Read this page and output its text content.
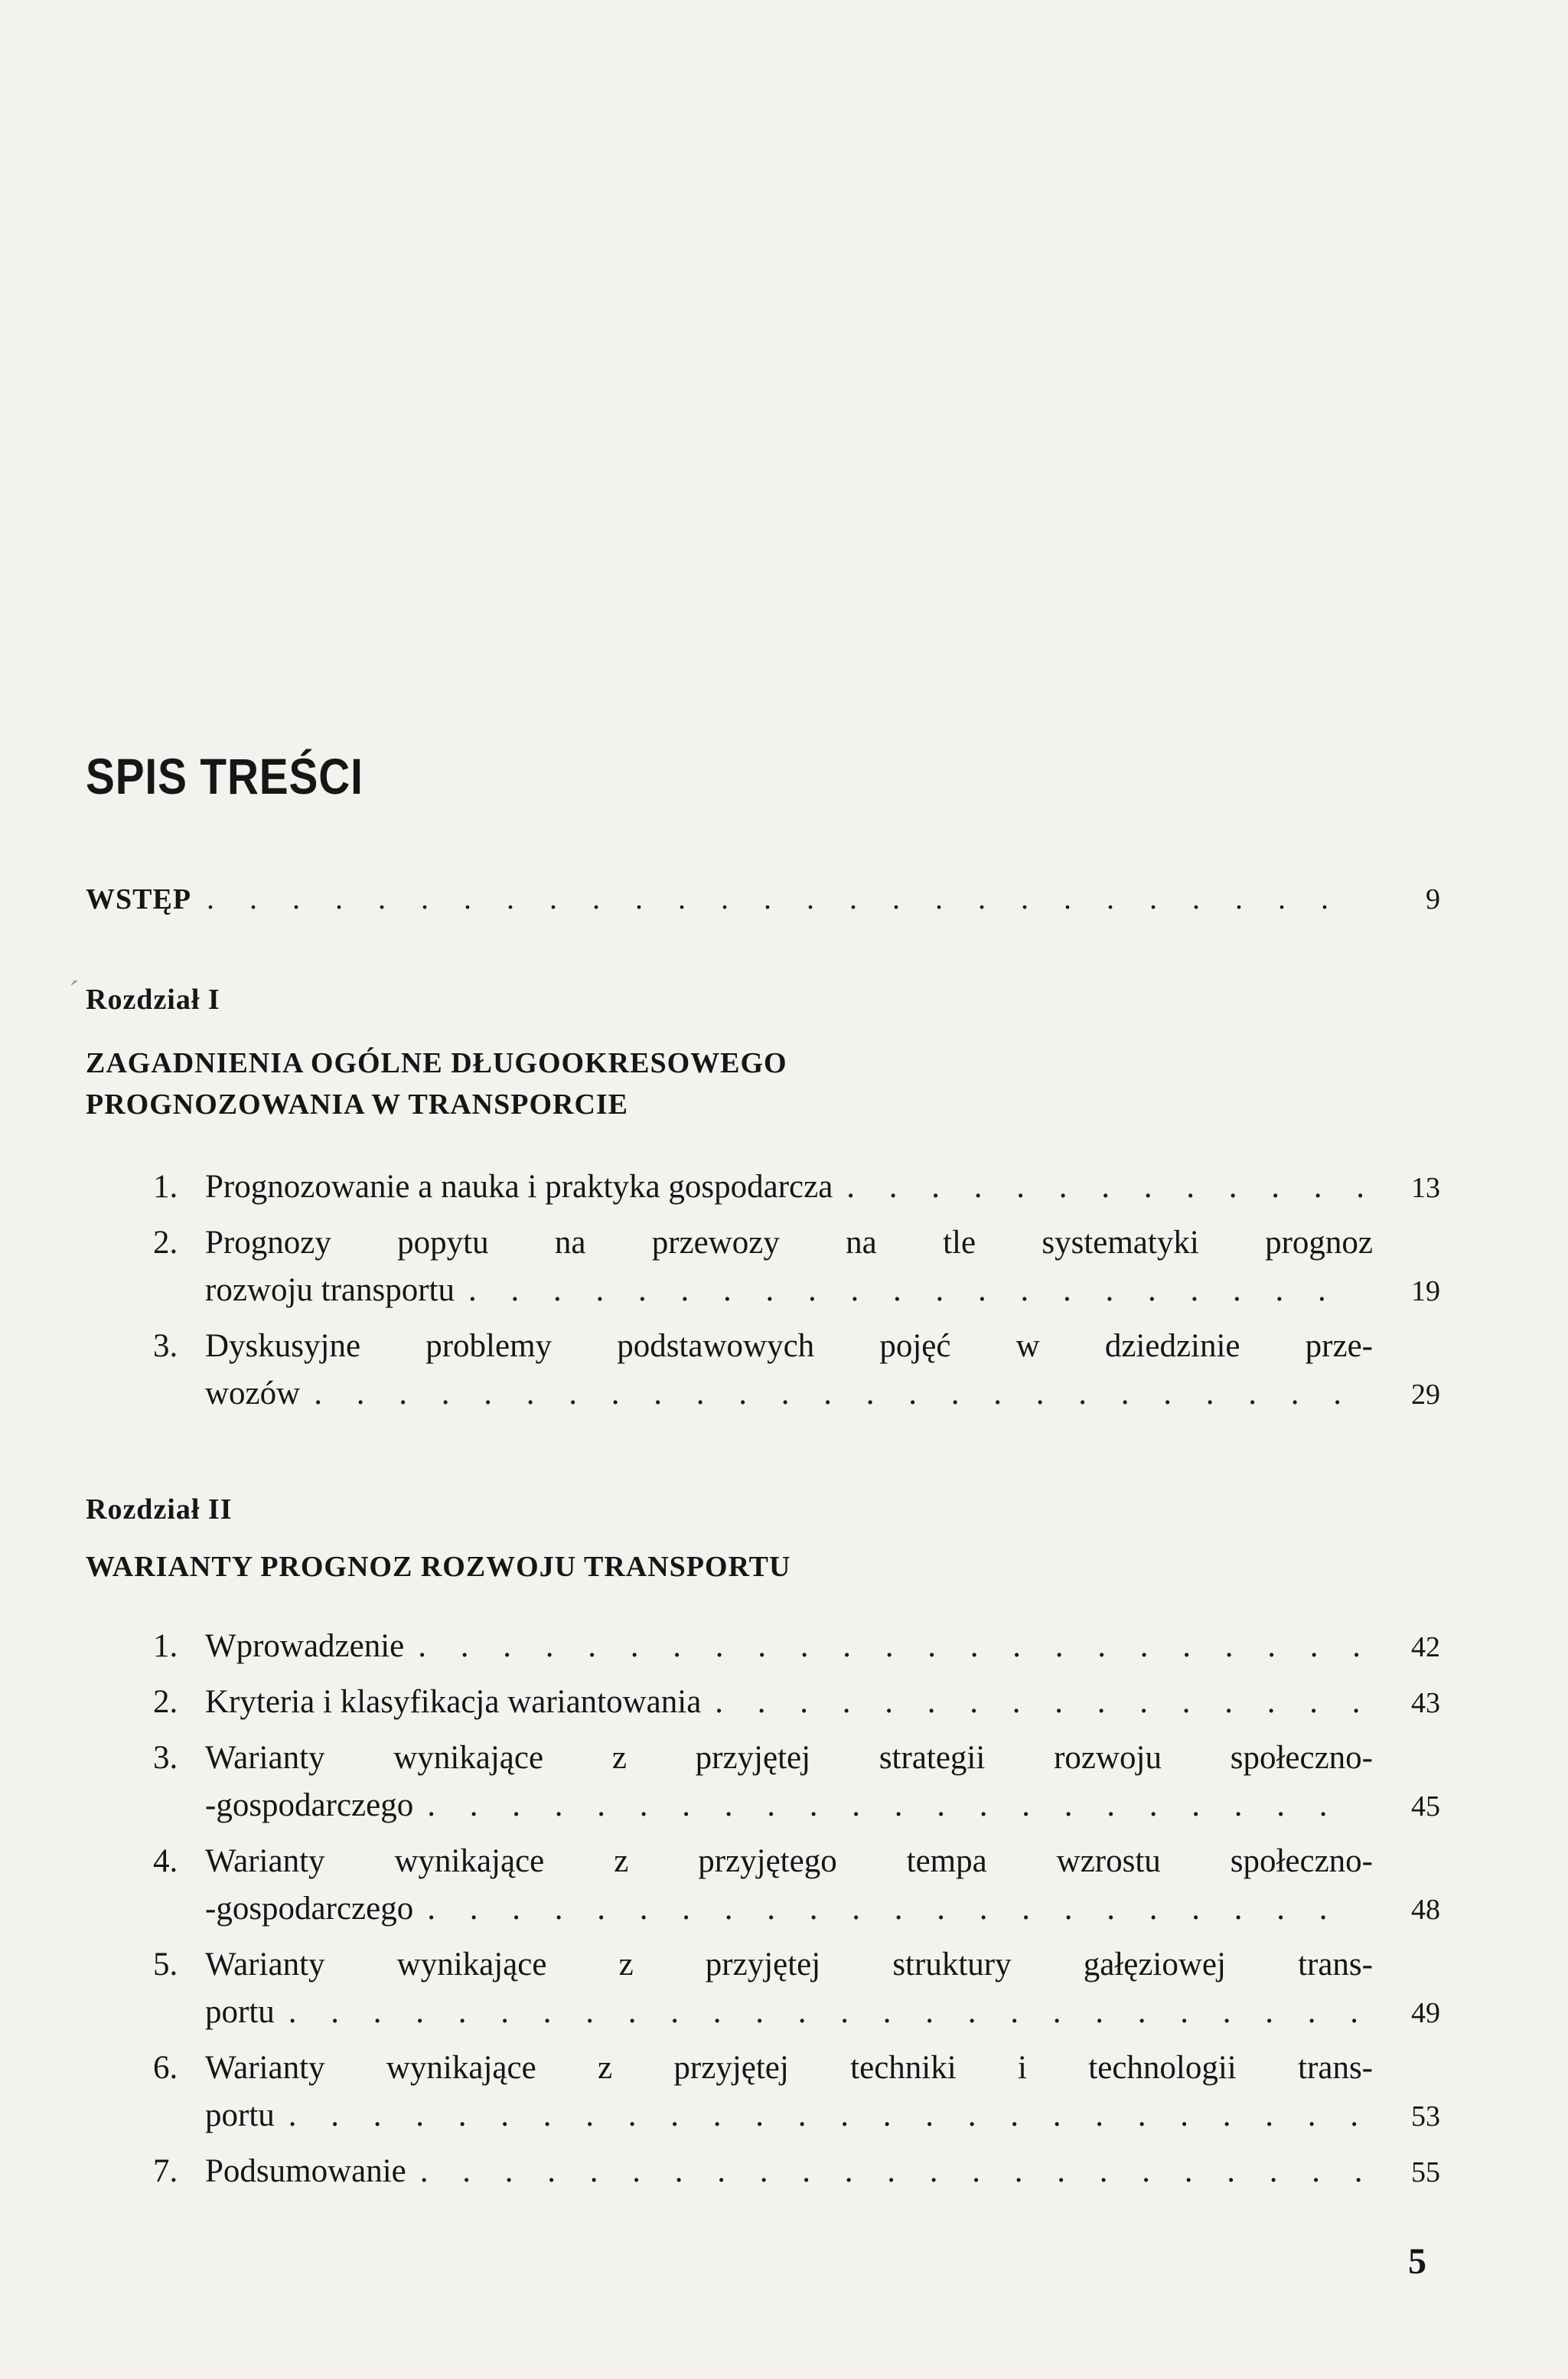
´
SPIS TREŚCI
WSTĘP . . .	9
Rozdział I
ZAGADNIENIA OGÓLNE DŁUGOOKRESOWEGO
PROGNOZOWANIA W TRANSPORCIE
1. Prognozowanie a nauka i praktyka gospodarcza . . .	13
2. Prognozy popytu na przewozy na tle systematyki prognoz
rozwoju transportu . . .	19
3. Dyskusyjne problemy podstawowych pojęć w dziedzinie prze-
wozów . . .	29
Rozdział II
WARIANTY PROGNOZ ROZWOJU TRANSPORTU
1. Wprowadzenie . . .	42
2. Kryteria i klasyfikacja wariantowania . . .	43
3. Warianty wynikające z przyjętej strategii rozwoju społeczno-
-gospodarczego . . .	45
4. Warianty wynikające z przyjętego tempa wzrostu społeczno-
-gospodarczego . . .	48
5. Warianty wynikające z przyjętej struktury gałęziowej trans-
portu . . .	49
6. Warianty wynikające z przyjętej techniki i technologii trans-
portu . . .	53
7. Podsumowanie . . .	55
5
